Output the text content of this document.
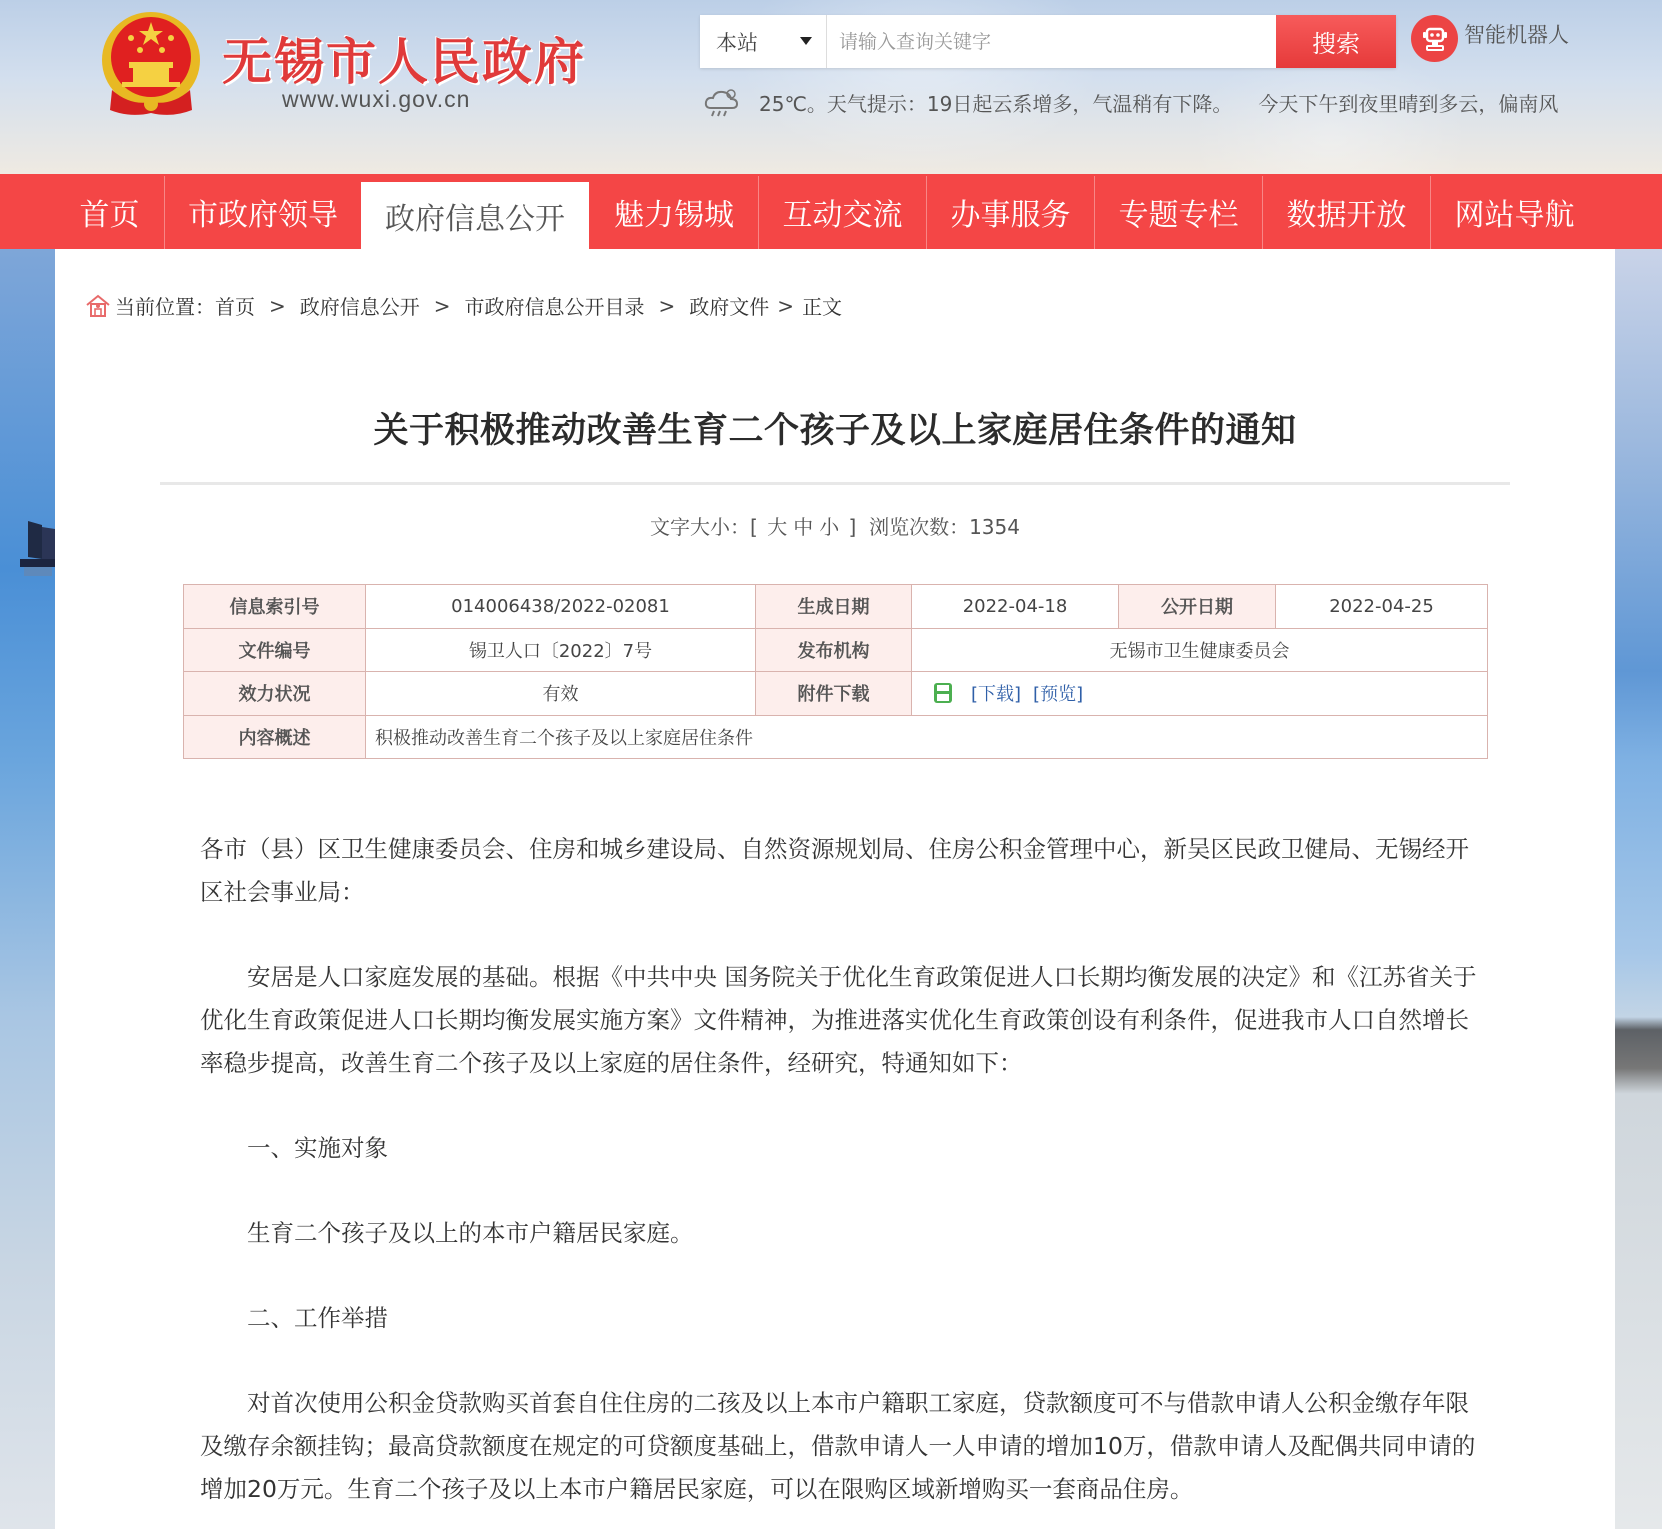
无锡市人民政府
www.wuxi.gov.cn
本站
请输入查询关键字	搜索	智能机器人
25℃。天气提示：19日起云系增多，气温稍有下降。 今天下午到夜里晴到多云，偏南风
首页	市政府领导	政府信息公开	魅力锡城	互动交流	办事服务	专题专栏	数据开放	网站导航
当前位置： 首页 > 政府信息公开 > 市政府信息公开目录 > 政府文件 > 正文
关于积极推动改善生育二个孩子及以上家庭居住条件的通知
文字大小：[ 大 中 小 ] 浏览次数：1354
信息索引号	014006438/2022-02081	生成日期	2022-04-18	公开日期	2022-04-25
文件编号	锡卫人口〔2022〕7号	发布机构	无锡市卫生健康委员会		
效力状况	有效	附件下载	[下载] [预览]		

内容概述	积极推动改善生育二个孩子及以上家庭居住条件				

各市（县）区卫生健康委员会、住房和城乡建设局、自然资源规划局、住房公积金管理中心，新吴区民政卫健局、无锡经开区社会事业局：

安居是人口家庭发展的基础。根据《中共中央 国务院关于优化生育政策促进人口长期均衡发展的决定》和《江苏省关于优化生育政策促进人口长期均衡发展实施方案》文件精神，为推进落实优化生育政策创设有利条件，促进我市人口自然增长率稳步提高，改善生育二个孩子及以上家庭的居住条件，经研究，特通知如下：

一、实施对象

生育二个孩子及以上的本市户籍居民家庭。

二、工作举措

对首次使用公积金贷款购买首套自住住房的二孩及以上本市户籍职工家庭，贷款额度可不与借款申请人公积金缴存年限及缴存余额挂钩；最高贷款额度在规定的可贷额度基础上，借款申请人一人申请的增加10万，借款申请人及配偶共同申请的增加20万元。生育二个孩子及以上本市户籍居民家庭，可以在限购区域新增购买一套商品住房。
